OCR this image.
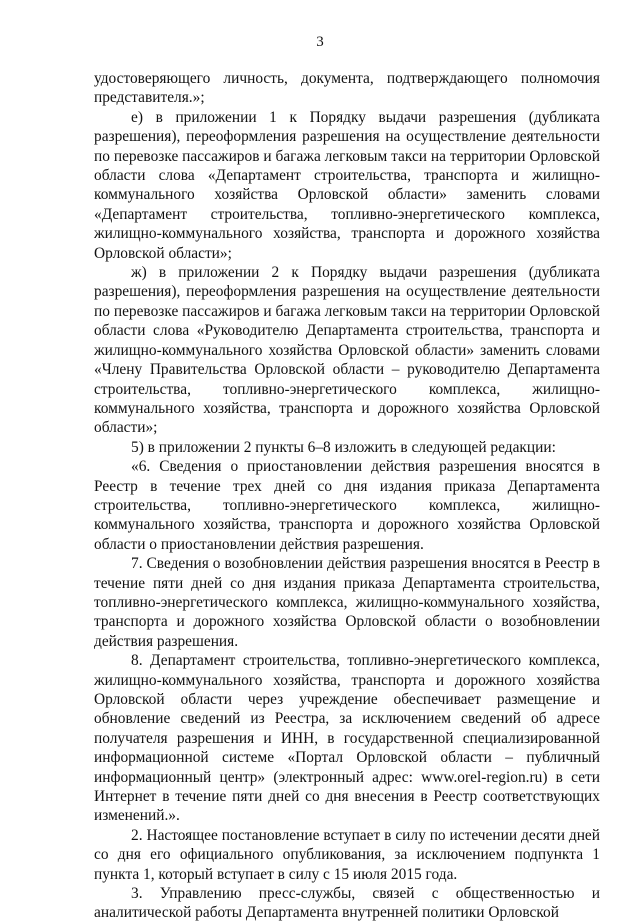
3

удостоверяющего личность, документа, подтверждающего полномочия представителя.»;

е) в приложении 1 к Порядку выдачи разрешения (дубликата разрешения), переоформления разрешения на осуществление деятельности по перевозке пассажиров и багажа легковым такси на территории Орловской области слова «Департамент строительства, транспорта и жилищно-коммунального хозяйства Орловской области» заменить словами «Департамент строительства, топливно-энергетического комплекса, жилищно-коммунального хозяйства, транспорта и дорожного хозяйства Орловской области»;

ж) в приложении 2 к Порядку выдачи разрешения (дубликата разрешения), переоформления разрешения на осуществление деятельности по перевозке пассажиров и багажа легковым такси на территории Орловской области слова «Руководителю Департамента строительства, транспорта и жилищно-коммунального хозяйства Орловской области» заменить словами «Члену Правительства Орловской области – руководителю Департамента строительства, топливно-энергетического комплекса, жилищно-коммунального хозяйства, транспорта и дорожного хозяйства Орловской области»;

5) в приложении 2 пункты 6–8 изложить в следующей редакции:

«6. Сведения о приостановлении действия разрешения вносятся в Реестр в течение трех дней со дня издания приказа Департамента строительства, топливно-энергетического комплекса, жилищно-коммунального хозяйства, транспорта и дорожного хозяйства Орловской области о приостановлении действия разрешения.

7. Сведения о возобновлении действия разрешения вносятся в Реестр в течение пяти дней со дня издания приказа Департамента строительства, топливно-энергетического комплекса, жилищно-коммунального хозяйства, транспорта и дорожного хозяйства Орловской области о возобновлении действия разрешения.

8. Департамент строительства, топливно-энергетического комплекса, жилищно-коммунального хозяйства, транспорта и дорожного хозяйства Орловской области через учреждение обеспечивает размещение и обновление сведений из Реестра, за исключением сведений об адресе получателя разрешения и ИНН, в государственной специализированной информационной системе «Портал Орловской области – публичный информационный центр» (электронный адрес: www.orel-region.ru) в сети Интернет в течение пяти дней со дня внесения в Реестр соответствующих изменений.».

2. Настоящее постановление вступает в силу по истечении десяти дней со дня его официального опубликования, за исключением подпункта 1 пункта 1, который вступает в силу с 15 июля 2015 года.

3. Управлению пресс-службы, связей с общественностью и аналитической работы Департамента внутренней политики Орловской
